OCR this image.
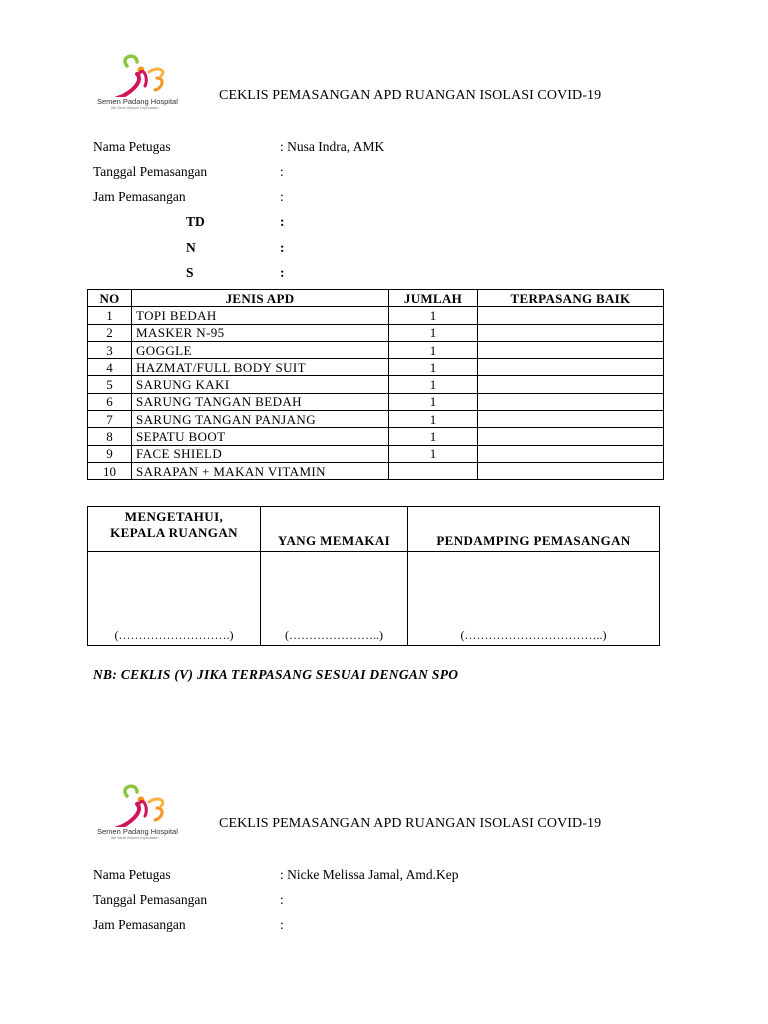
Semen Padang Hospital
We Serve Beyond Expectation
CEKLIS PEMASANGAN APD RUANGAN ISOLASI COVID-19
Nama Petugas	: Nusa Indra, AMK
Tanggal Pemasangan	:
Jam Pemasangan	:
TD	:
N	:
S	:
NO	JENIS APD	JUMLAH	TERPASANG BAIK
1	TOPI BEDAH	1	
2	MASKER N-95	1	
3	GOGGLE	1	
4	HAZMAT/FULL BODY SUIT	1	
5	SARUNG KAKI	1	
6	SARUNG TANGAN BEDAH	1	
7	SARUNG TANGAN PANJANG	1	
8	SEPATU BOOT	1	
9	FACE SHIELD	1	
10	SARAPAN + MAKAN VITAMIN		
MENGETAHUI,
KEPALA RUANGAN	YANG MEMAKAI	PENDAMPING PEMASANGAN
(……………………….)	(…………………..)	(……………………………..)
NB: CEKLIS (V) JIKA TERPASANG SESUAI DENGAN SPO
Semen Padang Hospital
We Serve Beyond Expectation
CEKLIS PEMASANGAN APD RUANGAN ISOLASI COVID-19
Nama Petugas	: Nicke Melissa Jamal, Amd.Kep
Tanggal Pemasangan	:
Jam Pemasangan	:
